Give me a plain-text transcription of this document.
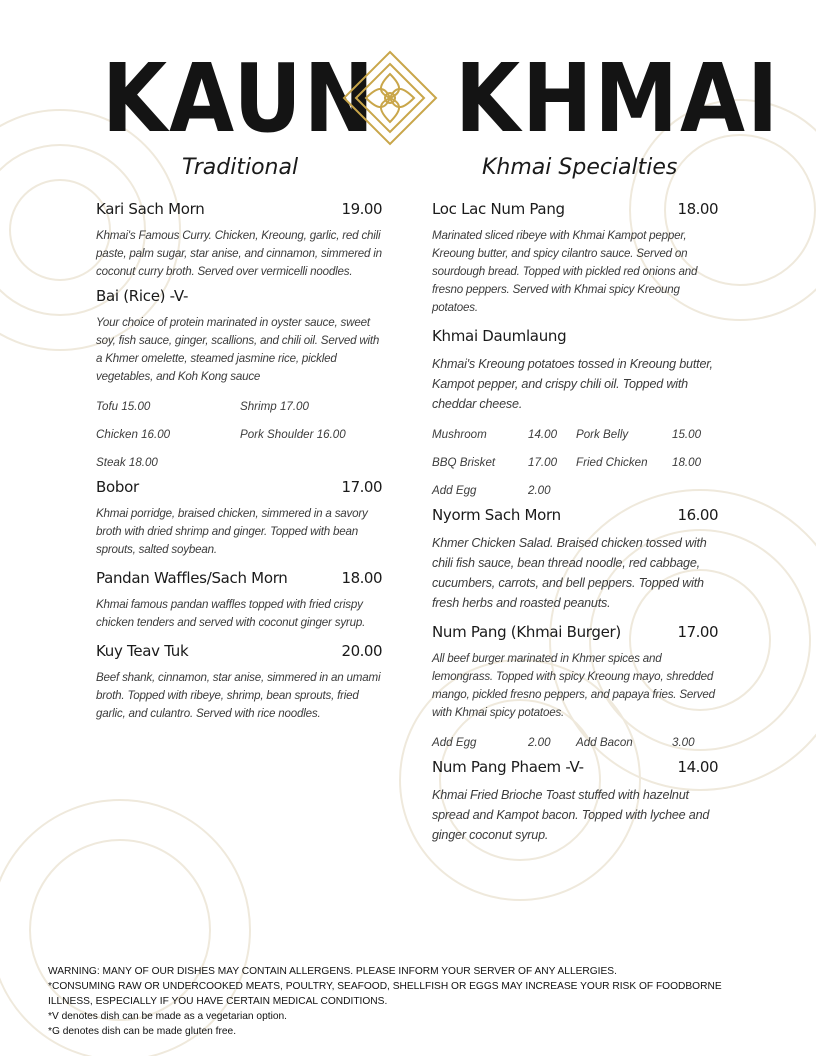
KAUN KHMAI
Traditional	Khmai Specialties
Kari Sach Morn	19.00
Khmai's Famous Curry. Chicken, Kreoung, garlic, red chili paste, palm sugar, star anise, and cinnamon, simmered in coconut curry broth. Served over vermicelli noodles.
Bai (Rice) -V-
Your choice of protein marinated in oyster sauce, sweet soy, fish sauce, ginger, scallions, and chili oil. Served with a Khmer omelette, steamed jasmine rice, pickled vegetables, and Koh Kong sauce
Tofu 15.00	Shrimp 17.00
Chicken 16.00	Pork Shoulder 16.00
Steak 18.00
Bobor	17.00
Khmai porridge, braised chicken, simmered in a savory broth with dried shrimp and ginger. Topped with bean sprouts, salted soybean.
Pandan Waffles/Sach Morn	18.00
Khmai famous pandan waffles topped with fried crispy chicken tenders and served with coconut ginger syrup.
Kuy Teav Tuk	20.00
Beef shank, cinnamon, star anise, simmered in an umami broth. Topped with ribeye, shrimp, bean sprouts, fried garlic, and culantro. Served with rice noodles.
Loc Lac Num Pang	18.00
Marinated sliced ribeye with Khmai Kampot pepper, Kreoung butter, and spicy cilantro sauce. Served on sourdough bread. Topped with pickled red onions and fresno peppers. Served with Khmai spicy Kreoung potatoes.
Khmai Daumlaung
Khmai's Kreoung potatoes tossed in Kreoung butter, Kampot pepper, and crispy chili oil. Topped with cheddar cheese.
Mushroom	14.00	Pork Belly	15.00
BBQ Brisket	17.00	Fried Chicken	18.00
Add Egg	2.00
Nyorm Sach Morn	16.00
Khmer Chicken Salad. Braised chicken tossed with chili fish sauce, bean thread noodle, red cabbage, cucumbers, carrots, and bell peppers. Topped with fresh herbs and roasted peanuts.
Num Pang (Khmai Burger)	17.00
All beef burger marinated in Khmer spices and lemongrass. Topped with spicy Kreoung mayo, shredded mango, pickled fresno peppers, and papaya fries. Served with Khmai spicy potatoes.
Add Egg	2.00	Add Bacon	3.00
Num Pang Phaem -V-	14.00
Khmai Fried Brioche Toast stuffed with hazelnut spread and Kampot bacon. Topped with lychee and ginger coconut syrup.
WARNING: MANY OF OUR DISHES MAY CONTAIN ALLERGENS. PLEASE INFORM YOUR SERVER OF ANY ALLERGIES.
*CONSUMING RAW OR UNDERCOOKED MEATS, POULTRY, SEAFOOD, SHELLFISH OR EGGS MAY INCREASE YOUR RISK OF FOODBORNE
ILLNESS, ESPECIALLY IF YOU HAVE CERTAIN MEDICAL CONDITIONS.
*V denotes dish can be made as a vegetarian option.
*G denotes dish can be made gluten free.
